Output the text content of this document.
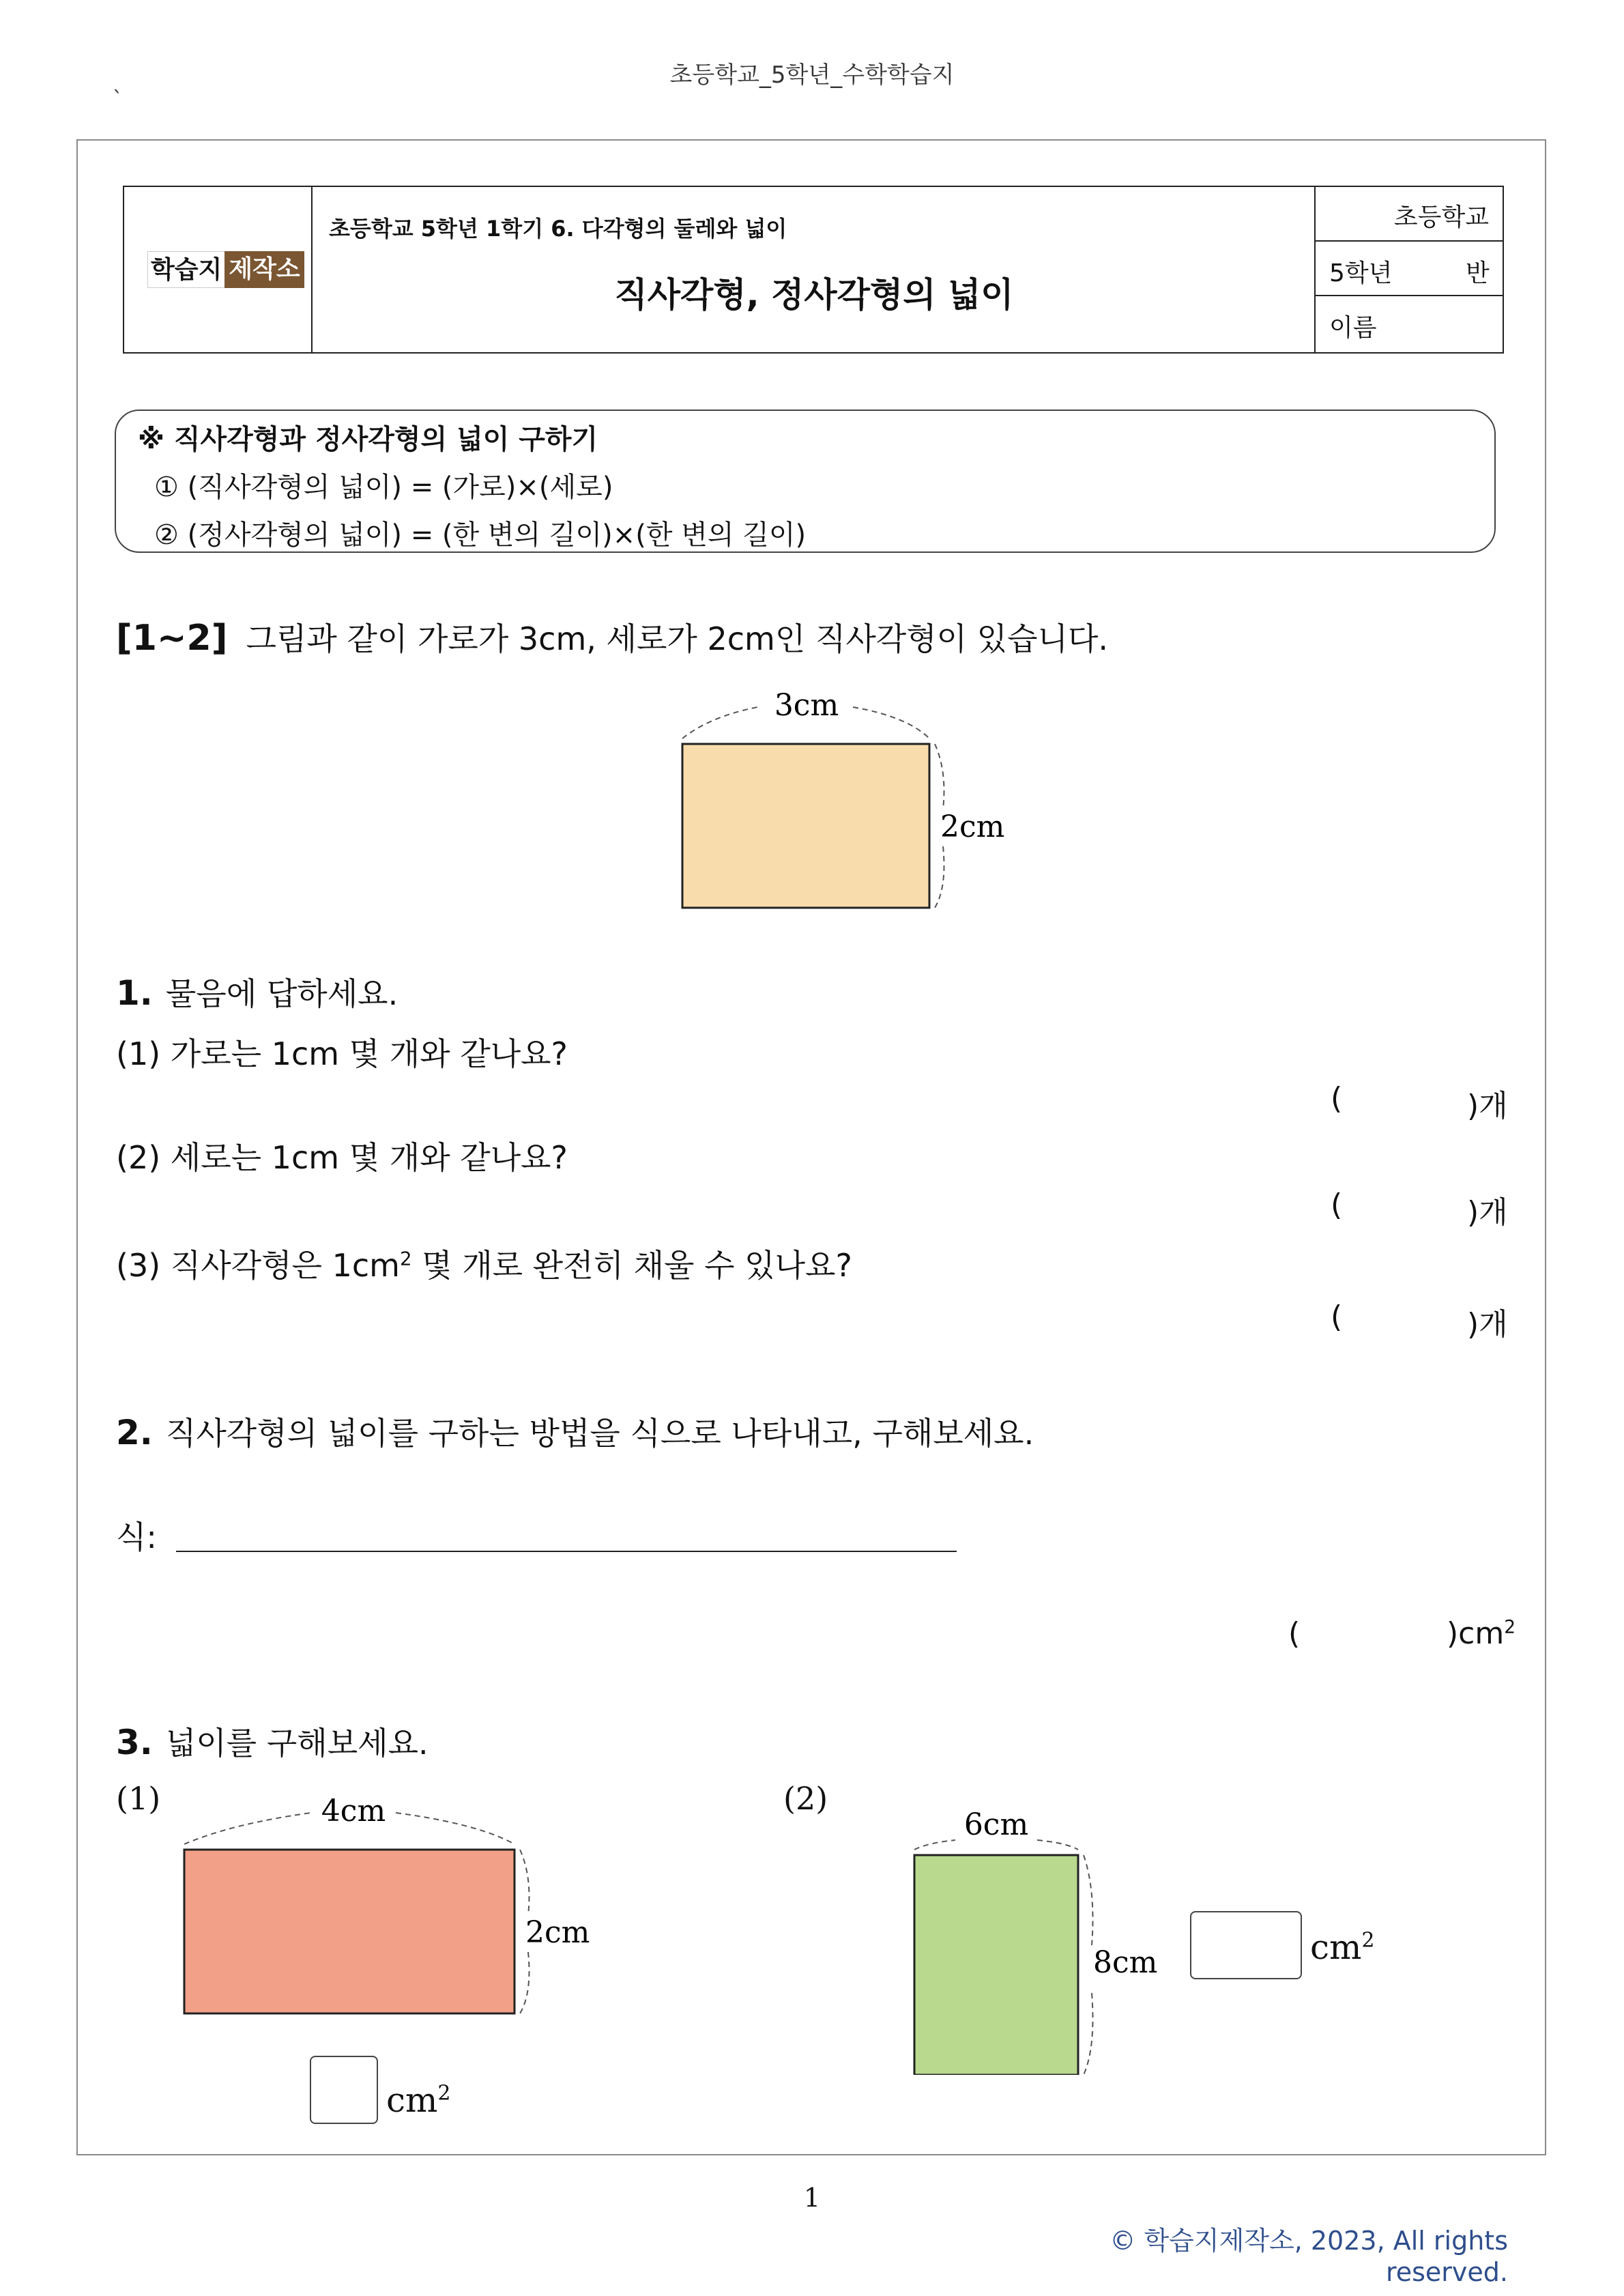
초등학교_5학년_수학학습지
`
학습지 제작소
초등학교 5학년 1학기 6. 다각형의 둘레와 넓이
직사각형, 정사각형의 넓이
초등학교
5학년	반
이름
※ 직사각형과 정사각형의 넓이 구하기
① (직사각형의 넓이) = (가로)×(세로)
② (정사각형의 넓이) = (한 변의 길이)×(한 변의 길이)
[1~2] 그림과 같이 가로가 3cm, 세로가 2cm인 직사각형이 있습니다.
3cm
2cm
1. 물음에 답하세요.
(1) 가로는 1cm 몇 개와 같나요?
(	)개
(2) 세로는 1cm 몇 개와 같나요?
(	)개
(3) 직사각형은 $1cm^2$ 몇 개로 완전히 채울 수 있나요?
(	)개
2. 직사각형의 넓이를 구하는 방법을 식으로 나타내고, 구해보세요.
식:
(	)$cm^2$
3. 넓이를 구해보세요.
(1)	4cm
2cm
$cm^2$
(2)
6cm
8cm	$cm^2$
1
© 학습지제작소, 2023, All rights reserved.
